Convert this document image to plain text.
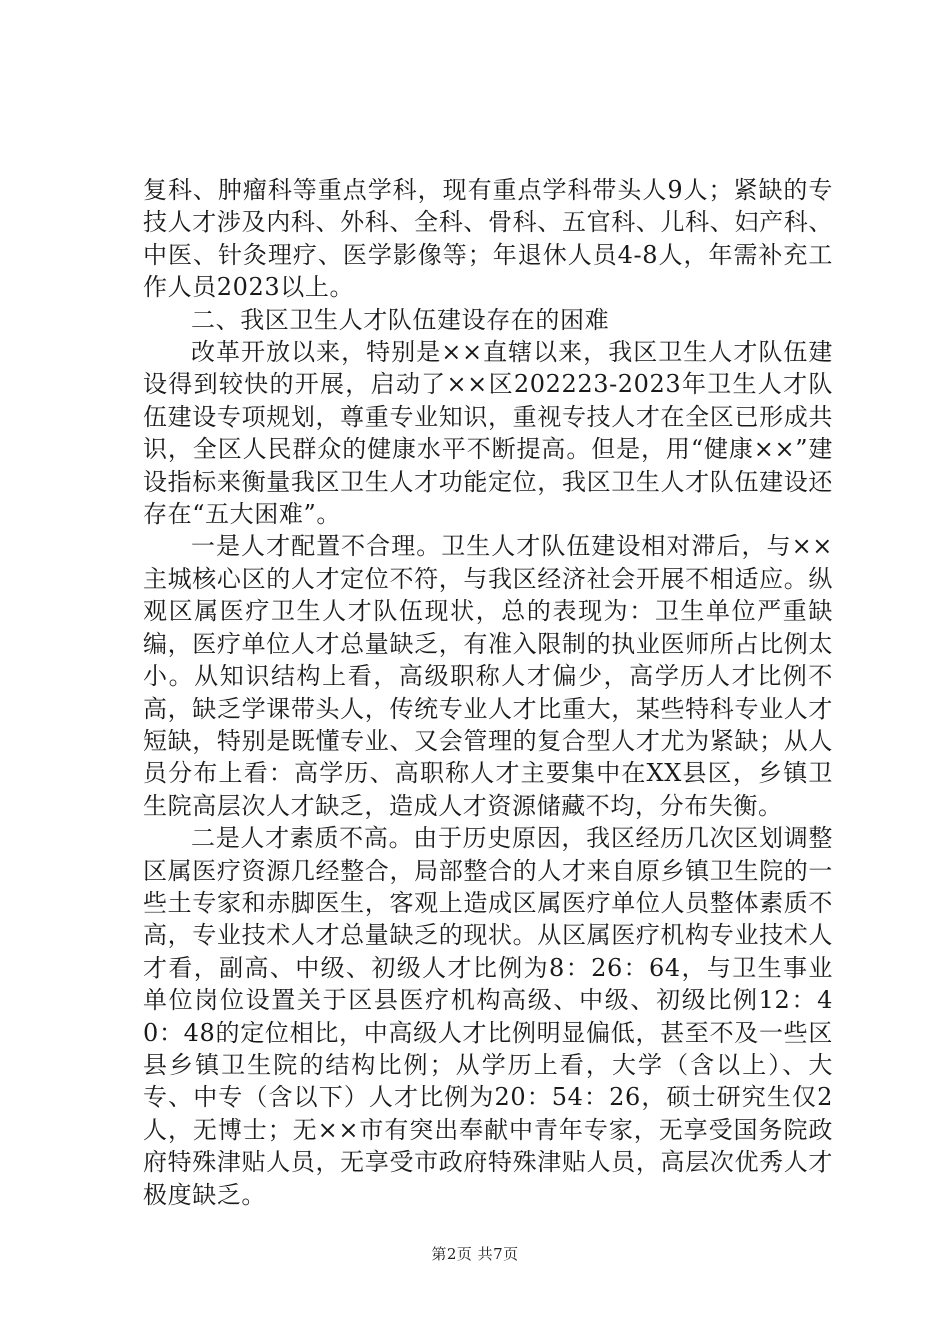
复科、肿瘤科等重点学科，现有重点学科带头人9人；紧缺的专技人才涉及内科、外科、全科、骨科、五官科、儿科、妇产科、中医、针灸理疗、医学影像等；年退休人员4-8人，年需补充工作人员2023以上。

二、我区卫生人才队伍建设存在的困难

改革开放以来，特别是××直辖以来，我区卫生人才队伍建设得到较快的开展，启动了××区202223-2023年卫生人才队伍建设专项规划，尊重专业知识，重视专技人才在全区已形成共识，全区人民群众的健康水平不断提高。但是，用“健康××”建设指标来衡量我区卫生人才功能定位，我区卫生人才队伍建设还存在“五大困难”。

一是人才配置不合理。卫生人才队伍建设相对滞后，与××主城核心区的人才定位不符，与我区经济社会开展不相适应。纵观区属医疗卫生人才队伍现状，总的表现为：卫生单位严重缺编，医疗单位人才总量缺乏，有准入限制的执业医师所占比例太小。从知识结构上看，高级职称人才偏少，高学历人才比例不高，缺乏学课带头人，传统专业人才比重大，某些特科专业人才短缺，特别是既懂专业、又会管理的复合型人才尤为紧缺；从人员分布上看：高学历、高职称人才主要集中在XX县区，乡镇卫生院高层次人才缺乏，造成人才资源储藏不均，分布失衡。

二是人才素质不高。由于历史原因，我区经历几次区划调整区属医疗资源几经整合，局部整合的人才来自原乡镇卫生院的一些土专家和赤脚医生，客观上造成区属医疗单位人员整体素质不高，专业技术人才总量缺乏的现状。从区属医疗机构专业技术人才看，副高、中级、初级人才比例为8：26：64，与卫生事业单位岗位设置关于区县医疗机构高级、中级、初级比例12：40：48的定位相比，中高级人才比例明显偏低，甚至不及一些区县乡镇卫生院的结构比例；从学历上看，大学（含以上）、大专、中专（含以下）人才比例为20：54：26，硕士研究生仅2人，无博士；无××市有突出奉献中青年专家，无享受国务院政府特殊津贴人员，无享受市政府特殊津贴人员，高层次优秀人才极度缺乏。

第2页 共7页
